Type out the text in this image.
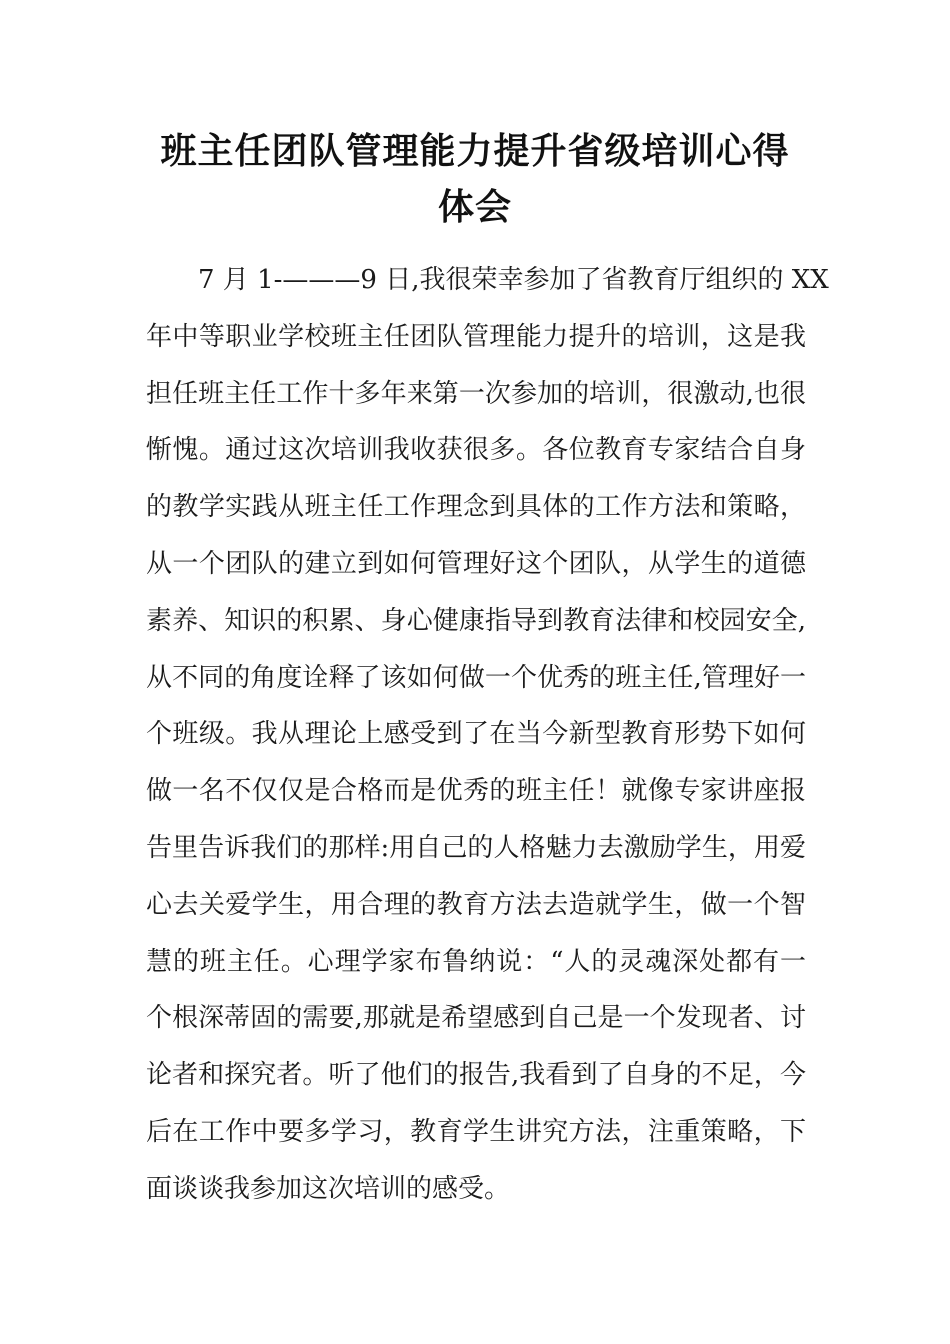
班主任团队管理能力提升省级培训心得
体会
7 月 1-———9 日,我很荣幸参加了省教育厅组织的 XX
年中等职业学校班主任团队管理能力提升的培训，这是我
担任班主任工作十多年来第一次参加的培训，很激动,也很
惭愧。通过这次培训我收获很多。各位教育专家结合自身
的教学实践从班主任工作理念到具体的工作方法和策略，
从一个团队的建立到如何管理好这个团队，从学生的道德
素养、知识的积累、身心健康指导到教育法律和校园安全,
从不同的角度诠释了该如何做一个优秀的班主任,管理好一
个班级。我从理论上感受到了在当今新型教育形势下如何
做一名不仅仅是合格而是优秀的班主任！就像专家讲座报
告里告诉我们的那样:用自己的人格魅力去激励学生，用爱
心去关爱学生，用合理的教育方法去造就学生，做一个智
慧的班主任。心理学家布鲁纳说：“人的灵魂深处都有一
个根深蒂固的需要,那就是希望感到自己是一个发现者、讨
论者和探究者。听了他们的报告,我看到了自身的不足，今
后在工作中要多学习，教育学生讲究方法，注重策略，下
面谈谈我参加这次培训的感受。
